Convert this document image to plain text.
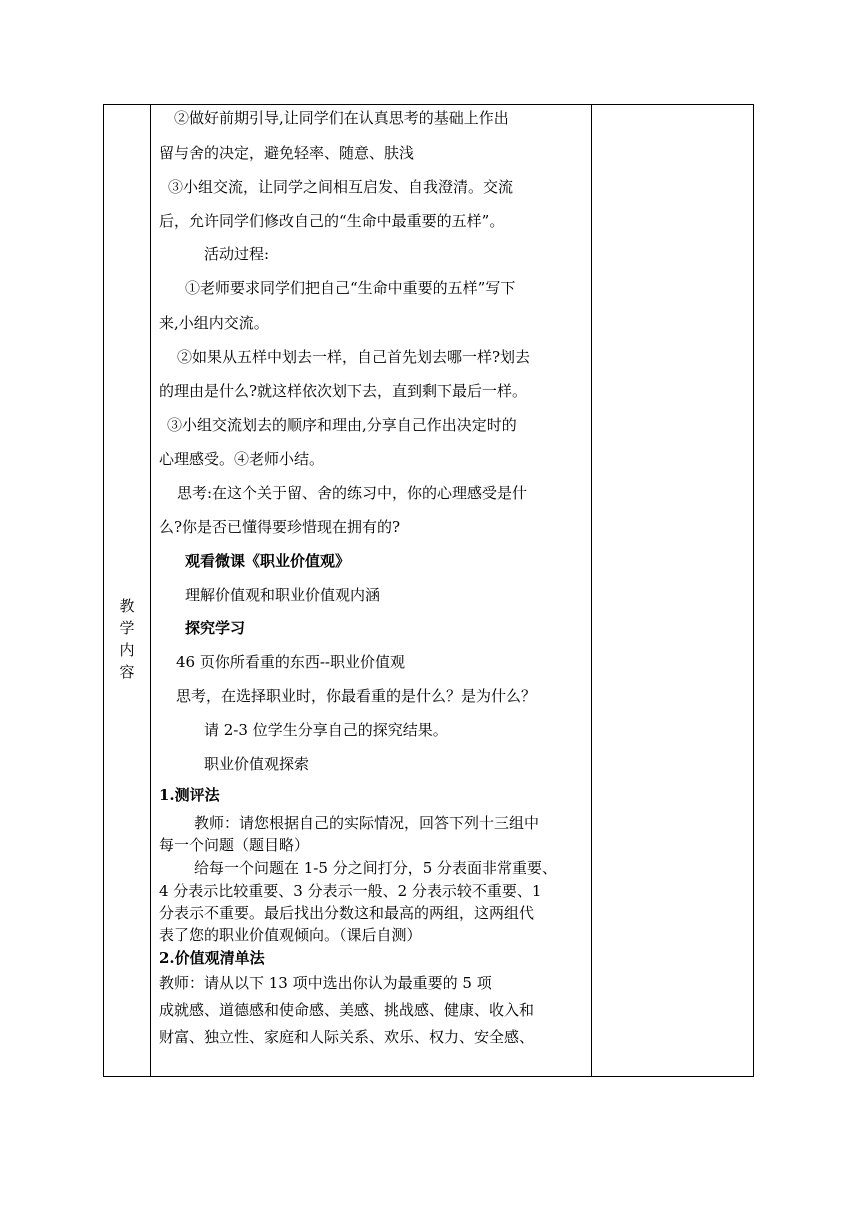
教
学
内
容
②做好前期引导,让同学们在认真思考的基础上作出
留与舍的决定，避免轻率、随意、肤浅
③小组交流，让同学之间相互启发、自我澄清。交流
后，允许同学们修改自己的“生命中最重要的五样”。
活动过程:
①老师要求同学们把自己“生命中重要的五样”写下
来,小组内交流。
②如果从五样中划去一样，自己首先划去哪一样?划去
的理由是什么?就这样依次划下去，直到剩下最后一样。
③小组交流划去的顺序和理由,分享自己作出决定时的
心理感受。④老师小结。
思考:在这个关于留、舍的练习中，你的心理感受是什
么?你是否已懂得要珍惜现在拥有的?
观看微课《职业价值观》
理解价值观和职业价值观内涵
探究学习
46 页你所看重的东西--职业价值观
思考，在选择职业时，你最看重的是什么？是为什么？
请 2-3 位学生分享自己的探究结果。
职业价值观探索
1.测评法
教师：请您根据自己的实际情况，回答下列十三组中
每一个问题（题目略）
给每一个问题在 1-5 分之间打分，5 分表面非常重要、
4 分表示比较重要、3 分表示一般、2 分表示较不重要、1
分表示不重要。最后找出分数这和最高的两组，这两组代
表了您的职业价值观倾向。（课后自测）
2.价值观清单法
教师：请从以下 13 项中选出你认为最重要的 5 项
成就感、道德感和使命感、美感、挑战感、健康、收入和
财富、独立性、家庭和人际关系、欢乐、权力、安全感、
